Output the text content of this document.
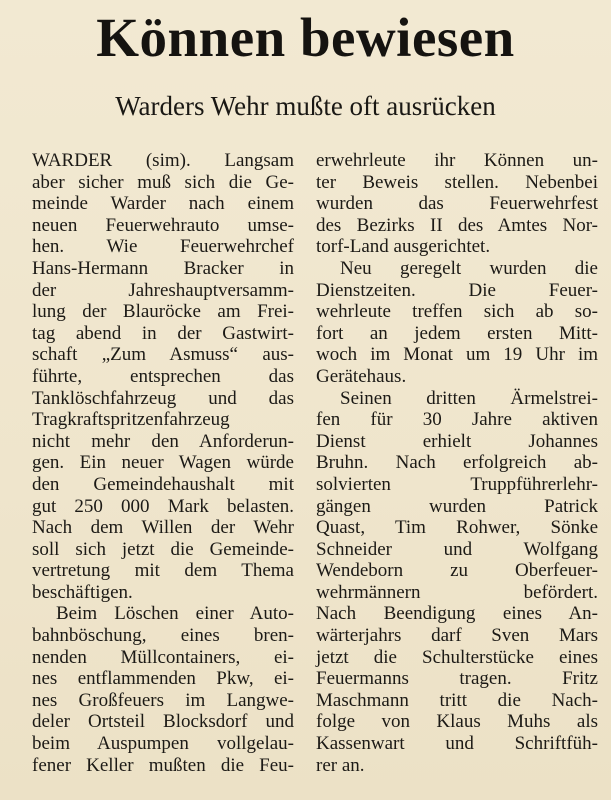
Können bewiesen
Warders Wehr mußte oft ausrücken
WARDER (sim). Langsam
aber sicher muß sich die Ge-
meinde Warder nach einem
neuen Feuerwehrauto umse-
hen. Wie Feuerwehrchef
Hans-Hermann Bracker in
der Jahreshauptversamm-
lung der Blauröcke am Frei-
tag abend in der Gastwirt-
schaft „Zum Asmuss“ aus-
führte, entsprechen das
Tanklöschfahrzeug und das
Tragkraftspritzenfahrzeug
nicht mehr den Anforderun-
gen. Ein neuer Wagen würde
den Gemeindehaushalt mit
gut 250 000 Mark belasten.
Nach dem Willen der Wehr
soll sich jetzt die Gemeinde-
vertretung mit dem Thema
beschäftigen.
Beim Löschen einer Auto-
bahnböschung, eines bren-
nenden Müllcontainers, ei-
nes entflammenden Pkw, ei-
nes Großfeuers im Langwe-
deler Ortsteil Blocksdorf und
beim Auspumpen vollgelau-
fener Keller mußten die Feu-
erwehrleute ihr Können un-
ter Beweis stellen. Nebenbei
wurden das Feuerwehrfest
des Bezirks II des Amtes Nor-
torf-Land ausgerichtet.
Neu geregelt wurden die
Dienstzeiten. Die Feuer-
wehrleute treffen sich ab so-
fort an jedem ersten Mitt-
woch im Monat um 19 Uhr im
Gerätehaus.
Seinen dritten Ärmelstrei-
fen für 30 Jahre aktiven
Dienst erhielt Johannes
Bruhn. Nach erfolgreich ab-
solvierten Truppführerlehr-
gängen wurden Patrick
Quast, Tim Rohwer, Sönke
Schneider und Wolfgang
Wendeborn zu Oberfeuer-
wehrmännern befördert.
Nach Beendigung eines An-
wärterjahrs darf Sven Mars
jetzt die Schulterstücke eines
Feuermanns tragen. Fritz
Maschmann tritt die Nach-
folge von Klaus Muhs als
Kassenwart und Schriftfüh-
rer an.
